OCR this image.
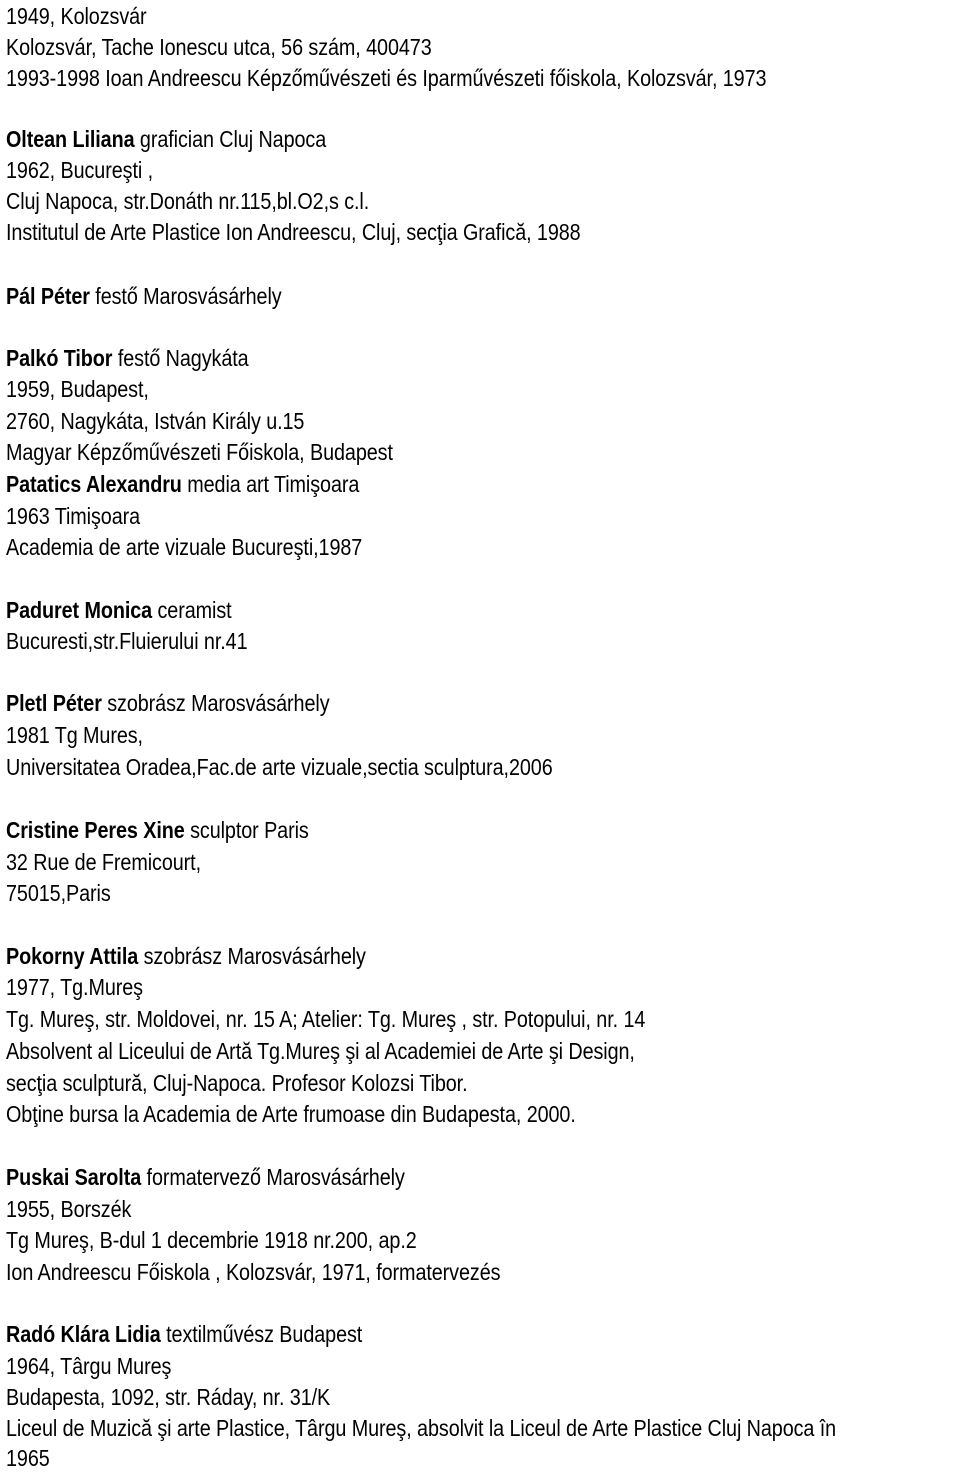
1949, Kolozsvár
Kolozsvár, Tache Ionescu utca, 56 szám, 400473
1993-1998 Ioan Andreescu Képzőművészeti és Iparművészeti főiskola, Kolozsvár, 1973
Oltean Liliana grafician Cluj Napoca
1962, Bucureşti ,
Cluj Napoca, str.Donáth nr.115,bl.O2,s c.l.
Institutul de Arte Plastice Ion Andreescu, Cluj, secţia Grafică, 1988
Pál Péter festő Marosvásárhely
Palkó Tibor festő Nagykáta
1959, Budapest,
2760, Nagykáta, István Király u.15
Magyar Képzőművészeti Főiskola, Budapest
Patatics Alexandru media art Timişoara
1963 Timişoara
Academia de arte vizuale Bucureşti,1987
Paduret Monica ceramist
Bucuresti,str.Fluierului nr.41
Pletl Péter szobrász Marosvásárhely
1981 Tg Mures,
Universitatea Oradea,Fac.de arte vizuale,sectia sculptura,2006
Cristine Peres Xine sculptor Paris
32 Rue de Fremicourt,
75015,Paris
Pokorny Attila szobrász Marosvásárhely
1977, Tg.Mureş
Tg. Mureş, str. Moldovei, nr. 15 A; Atelier: Tg. Mureş , str. Potopului, nr. 14
Absolvent al Liceului de Artă Tg.Mureş şi al Academiei de Arte şi Design,
secţia sculptură, Cluj-Napoca. Profesor Kolozsi Tibor.
Obţine bursa la Academia de Arte frumoase din Budapesta, 2000.
Puskai Sarolta formatervező Marosvásárhely
1955, Borszék
Tg Mureş, B-dul 1 decembrie 1918 nr.200, ap.2
Ion Andreescu Főiskola , Kolozsvár, 1971, formatervezés
Radó Klára Lidia textilművész Budapest
1964, Târgu Mureş
Budapesta, 1092, str. Ráday, nr. 31/K
Liceul de Muzică şi arte Plastice, Târgu Mureş, absolvit la Liceul de Arte Plastice Cluj Napoca în
1965
